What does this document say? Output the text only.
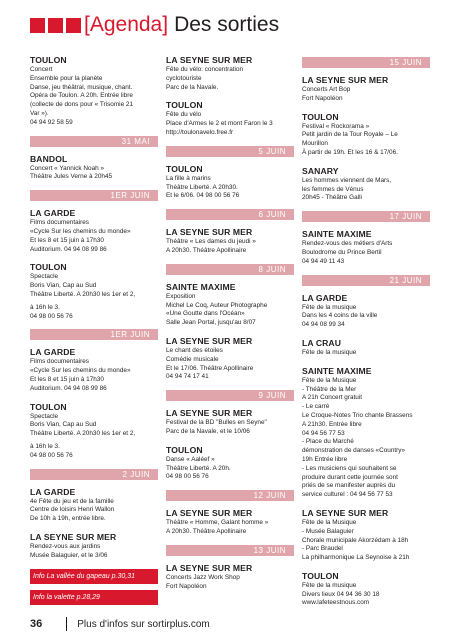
[Agenda] Des sorties
TOULON
Concert
Ensemble pour la planète
Danse, jeu théâtral, musique, chant.
Opéra de Toulon. A 20h. Entrée libre
(collecte de dons pour « Trisomie 21
Var »).
04 94 92 58 59
31 MAI
BANDOL
Concert « Yannick Noah »
Théâtre Jules Verne à 20h45
1ER JUIN
LA GARDE
Films documentaires
«Cycle Sur les chemins du monde»
Et les 8 et 15 juin à 17h30
Auditorium. 04 94 08 99 86
TOULON
Spectacle
Boris Vian, Cap au Sud
Théâtre Liberté. A 20h30 les 1er et 2,
à 16h le 3.
04 98 00 56 76
1ER JUIN
LA GARDE
Films documentaires
«Cycle Sur les chemins du monde»
Et les 8 et 15 juin à 17h30
Auditorium. 04 94 08 99 86
TOULON
Spectacle
Boris Vian, Cap au Sud
Théâtre Liberté. A 20h30 les 1er et 2,
à 16h le 3.
04 98 00 56 76
2 JUIN
LA GARDE
4e Fête du jeu et de la famille
Centre de loisirs Henri Wallon
De 10h à 19h, entrée libre.
LA SEYNE SUR MER
Rendez-vous aux jardins
Musée Balaguier, et le 3/06
Info La vallée du gapeau p.30,31
Info la valette p.28,29
LA SEYNE SUR MER
Fête du vélo: concentration
cyclotouriste
Parc de la Navale.
TOULON
Fête du vélo
Place d'Armes le 2 et mont Faron le 3
http://toulonavelo.free.fr
5 JUIN
TOULON
La fille à marins
Théâtre Liberté. A 20h30.
Et le 6/06. 04 98 00 56 76
6 JUIN
LA SEYNE SUR MER
Théâtre « Les dames du jeudi »
A 20h30. Théâtre Apollinaire
8 JUIN
SAINTE MAXIME
Exposition
Michel Le Coq, Auteur Photographe
«Une Goutte dans l'Océan»
Salle Jean Portal, jusqu'au 8/07
LA SEYNE SUR MER
Le chant des étoiles
Comédie musicale
Et le 17/06. Théâtre Apollinaire
04 94 74 17 41
9 JUIN
LA SEYNE SUR MER
Festival de la BD "Bulles en Seyne"
Parc de la Navale, et le 10/06
TOULON
Danse « Aaléef »
Théâtre Liberté. A 20h.
04 98 00 56 76
12 JUIN
LA SEYNE SUR MER
Théâtre « Homme, Galant homme »
A 20h30. Théâtre Apollinaire
13 JUIN
LA SEYNE SUR MER
Concerts Jazz Work Shop
Fort Napoléon
15 JUIN
LA SEYNE SUR MER
Concerts Art Bop
Fort Napoléon
TOULON
Festival « Rockorama »
Petit jardin de la Tour Royale – Le
Mourillon
À partir de 19h. Et les 16 & 17/06.
SANARY
Les hommes viennent de Mars,
les femmes de Vénus
20h45 - Théâtre Galli
17 JUIN
SAINTE MAXIME
Rendez-vous des métiers d'Arts
Boulodrome du Prince Bertil
04 94 49 11 43
21 JUIN
LA GARDE
Fête de la musique
Dans les 4 coins de la ville
04 94 08 99 34
LA CRAU
Fête de la musique
SAINTE MAXIME
Fête de la Musique
- Théâtre de la Mer
A 21h Concert gratuit
- Le carré
Le Croque-Notes Trio chante Brassens
A 21h30. Entrée libre
04 94 56 77 53
- Place du Marché
démonstration de danses «Country»
19h Entrée libre
- Les musiciens qui souhaitent se
produire durant cette journée sont
priés de se manifester auprès du
service culturel : 04 94 56 77 53
LA SEYNE SUR MER
Fête de la Musique
- Musée Balaguier
Chorale municipale Akorzédam à 18h
- Parc Braudel
La philharmonique La Seynoise à 21h
TOULON
Fête de la musique
Divers lieux 04 94 36 30 18
www.lafeteestnous.com
36	Plus d'infos sur sortirplus.com
